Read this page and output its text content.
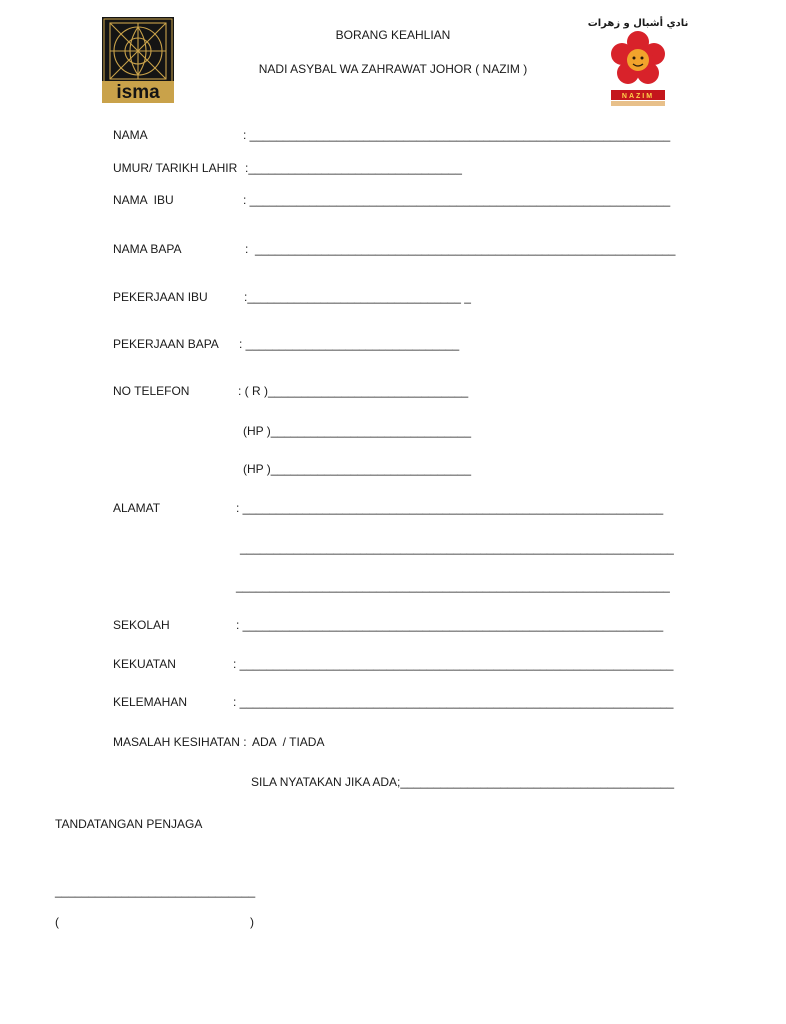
isma
نادي أشبال و زهرات
NAZIM
BORANG KEAHLIAN
NADI ASYBAL WA ZAHRAWAT JOHOR ( NAZIM )
NAMA	: _______________________________________________________________
UMUR/ TARIKH LAHIR :________________________________
NAMA  IBU	: _______________________________________________________________
NAMA BAPA	:  _______________________________________________________________
PEKERJAAN IBU	:________________________________ _
PEKERJAAN BAPA : ________________________________
NO TELEFON	: ( R )______________________________
(HP )______________________________
(HP )______________________________
ALAMAT	: _______________________________________________________________
_________________________________________________________________
_________________________________________________________________
SEKOLAH	: _______________________________________________________________
KEKUATAN	: _________________________________________________________________
KELEMAHAN	: _________________________________________________________________
MASALAH KESIHATAN : ADA  / TIADA
SILA NYATAKAN JIKA ADA;_________________________________________
TANDATANGAN PENJAGA
______________________________
(	)
